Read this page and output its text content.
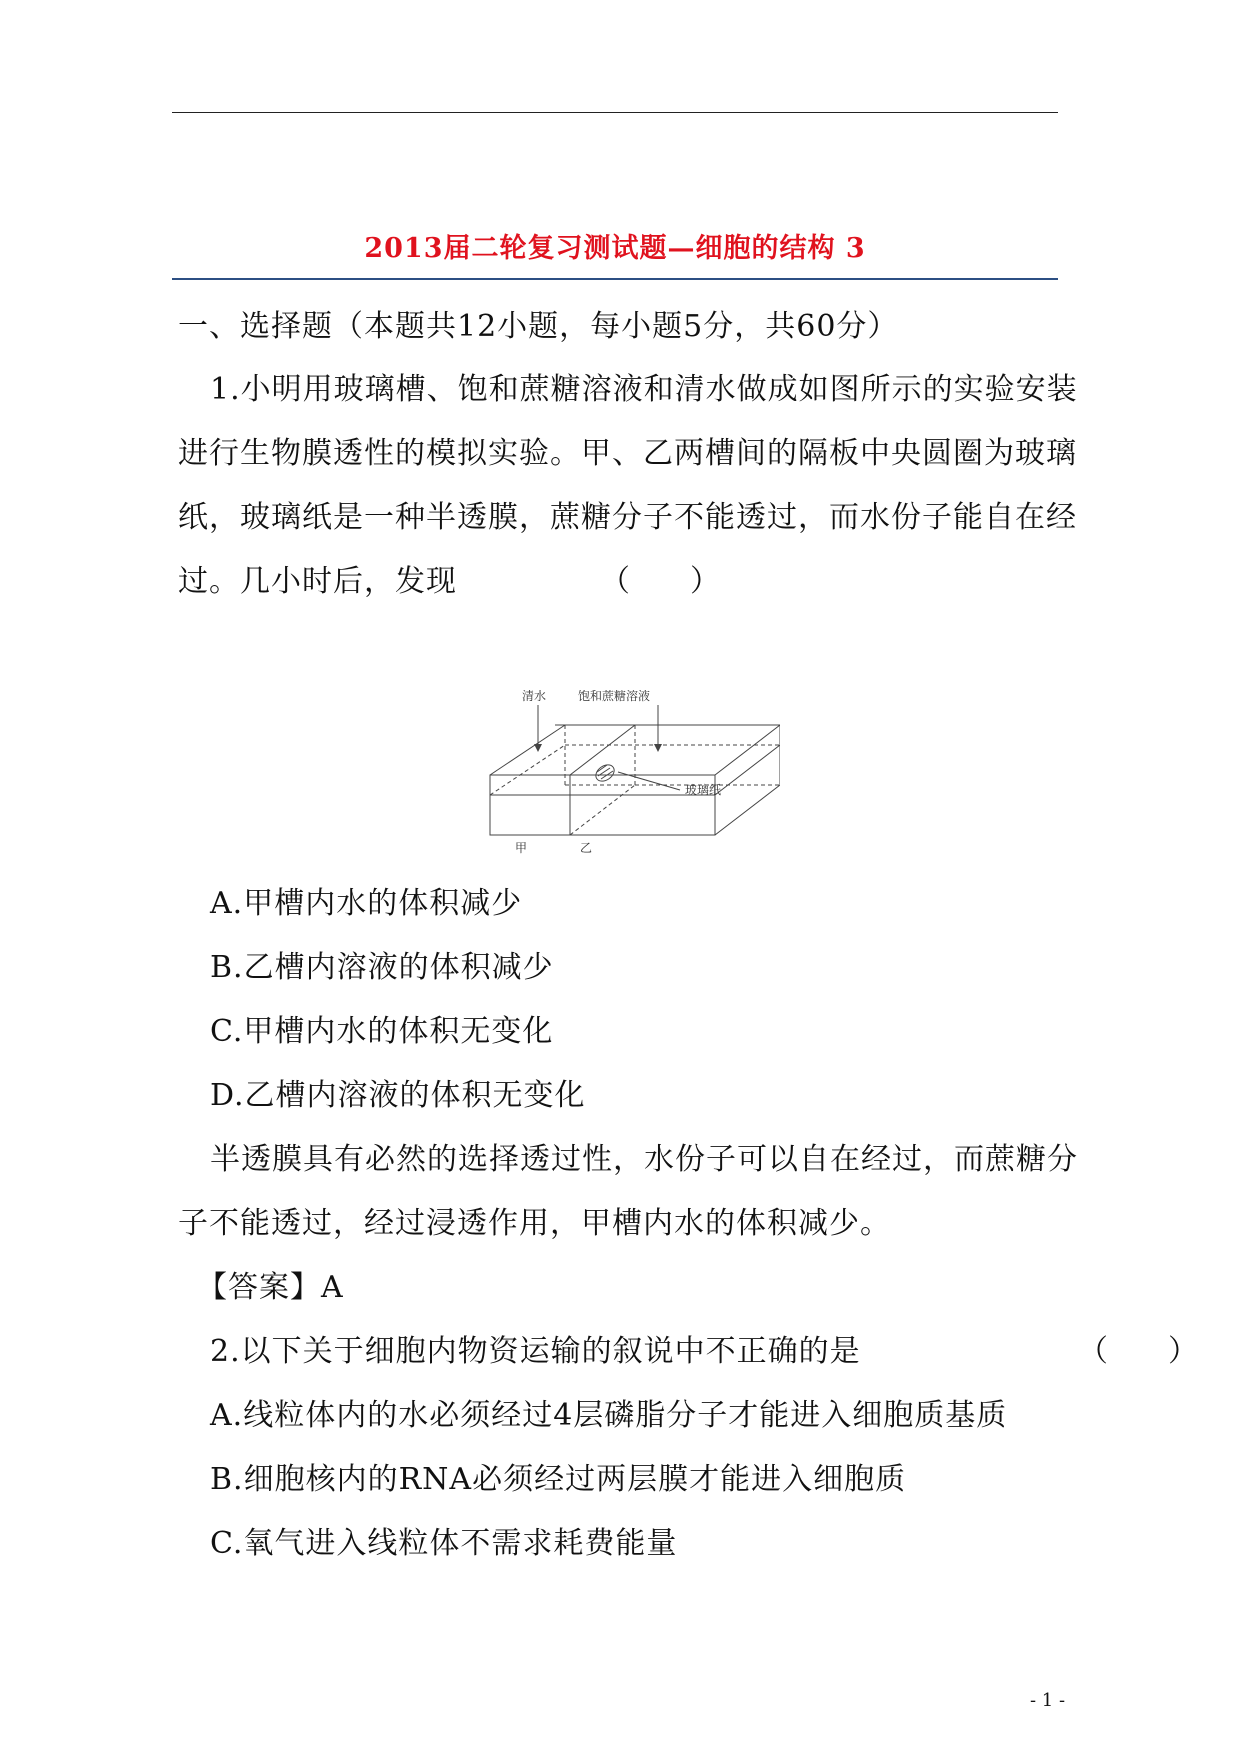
2013届二轮复习测试题—细胞的结构 3
一、选择题（本题共12小题，每小题5分，共60分）
1.小明用玻璃槽、饱和蔗糖溶液和清水做成如图所示的实验安装
进行生物膜透性的模拟实验。甲、乙两槽间的隔板中央圆圈为玻璃
纸，玻璃纸是一种半透膜，蔗糖分子不能透过，而水份子能自在经
过。几小时后，发现	（　　）
清水	饱和蔗糖溶液
玻璃纸
甲	乙
A.甲槽内水的体积减少
B.乙槽内溶液的体积减少
C.甲槽内水的体积无变化
D.乙槽内溶液的体积无变化
半透膜具有必然的选择透过性，水份子可以自在经过，而蔗糖分
子不能透过，经过浸透作用，甲槽内水的体积减少。
【答案】A
2.以下关于细胞内物资运输的叙说中不正确的是	（　　）
A.线粒体内的水必须经过4层磷脂分子才能进入细胞质基质
B.细胞核内的RNA必须经过两层膜才能进入细胞质
C.氧气进入线粒体不需求耗费能量
- 1 -
